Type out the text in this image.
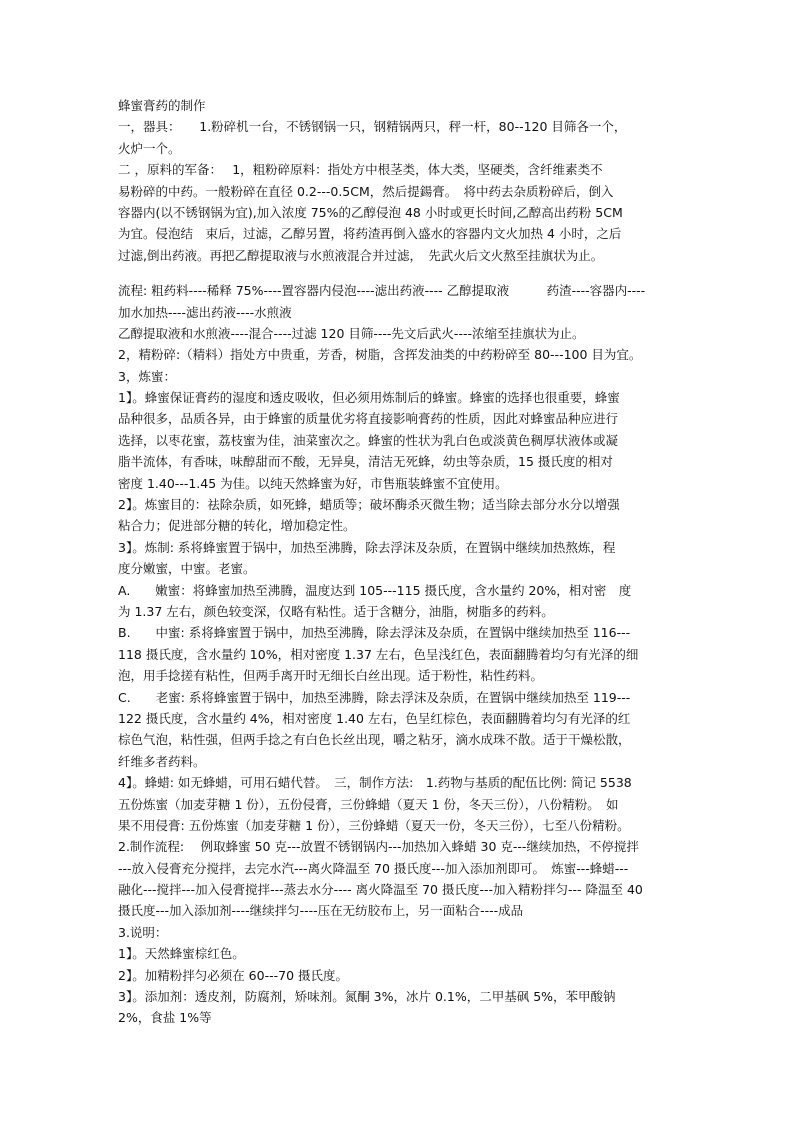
蜂蜜膏药的制作
一，器具：　　1.粉碎机一台，不锈钢锅一只，钢精锅两只，秤一杆，80--120 目筛各一个，
火炉一个。
二 ，原料的军备：　 1，粗粉碎原料：指处方中根茎类，体大类，坚硬类，含纤维素类不
易粉碎的中药。一般粉碎在直径 0.2---0.5CM，然后提鍚膏。　将中药去杂质粉碎后，倒入
容器内(以不锈钢锅为宜),加入浓度 75%的乙醇侵泡 48 小时或更长时间,乙醇高出药粉 5CM
为宜。侵泡结　束后，过滤，乙醇另置，将药渣再倒入盛水的容器内文火加热 4 小时，之后
过滤,倒出药液。再把乙醇提取液与水煎液混合并过滤，　先武火后文火熬至挂旗状为止。
流程: 粗药料----稀释 75%----置容器内侵泡----滤出药液---- 乙醇提取液　　　药渣----容器内----
加水加热----滤出药液----水煎液
乙醇提取液和水煎液----混合----过滤 120 目筛----先文后武火----浓缩至挂旗状为止。
2，精粉碎:（精料）指处方中贵重，芳香，树脂，含挥发油类的中药粉碎至 80---100 目为宜。
3，炼蜜：
1】。蜂蜜保证膏药的湿度和透皮吸收，但必须用炼制后的蜂蜜。蜂蜜的选择也很重要，蜂蜜
品种很多，品质各异，由于蜂蜜的质量优劣将直接影响膏药的性质，因此对蜂蜜品种应进行
选择，以枣花蜜，荔枝蜜为佳，油菜蜜次之。蜂蜜的性状为乳白色或淡黄色稠厚状液体或凝
脂半流体，有香味，味醇甜而不酸，无异臭，清洁无死蜂，幼虫等杂质，15 摄氏度的相对
密度 1.40---1.45 为佳。以纯天然蜂蜜为好，市售瓶装蜂蜜不宜使用。
2】。炼蜜目的：祛除杂质，如死蜂，蜡质等；破坏酶杀灭微生物；适当除去部分水分以增强
粘合力；促进部分糖的转化，增加稳定性。
3】。炼制: 系将蜂蜜置于锅中，加热至沸腾，除去浮沫及杂质，在置锅中继续加热熬炼，程
度分嫩蜜，中蜜。老蜜。
A.　　嫩蜜：将蜂蜜加热至沸腾，温度达到 105---115 摄氏度，含水量约 20%，相对密　度
为 1.37 左右，颜色较变深，仅略有粘性。适于含糖分，油脂，树脂多的药料。
B.　　中蜜: 系将蜂蜜置于锅中，加热至沸腾，除去浮沫及杂质，在置锅中继续加热至 116---
118 摄氏度，含水量约 10%，相对密度 1.37 左右，色呈浅红色，表面翻腾着均匀有光泽的细
泡，用手捻搓有粘性，但两手离开时无细长白丝出现。适于粉性，粘性药料。
C.　　老蜜: 系将蜂蜜置于锅中，加热至沸腾，除去浮沫及杂质，在置锅中继续加热至 119---
122 摄氏度，含水量约 4%，相对密度 1.40 左右，色呈红棕色，表面翻腾着均匀有光泽的红
棕色气泡，粘性强，但两手捻之有白色长丝出现，嚼之粘牙，滴水成珠不散。适于干燥松散，
纤维多者药料。
4】。蜂蜡: 如无蜂蜡，可用石蜡代替。　三，制作方法:　1.药物与基质的配伍比例: 简记 5538
五份炼蜜（加麦芽糖 1 份），五份侵膏，三份蜂蜡（夏天 1 份，冬天三份），八份精粉。　如
果不用侵膏: 五份炼蜜（加麦芽糖 1 份），三份蜂蜡（夏天一份，冬天三份），七至八份精粉。
2.制作流程:　 例取蜂蜜 50 克---放置不锈钢锅内---加热加入蜂蜡 30 克---继续加热，不停搅拌
---放入侵膏充分搅拌，去完水汽---离火降温至 70 摄氏度---加入添加剂即可。　炼蜜---蜂蜡---
融化---搅拌---加入侵膏搅拌---蒸去水分---- 离火降温至 70 摄氏度---加入精粉拌匀--- 降温至 40
摄氏度---加入添加剂----继续拌匀----压在无纺胶布上，另一面粘合----成品
3.说明：
1】。天然蜂蜜棕红色。
2】。加精粉拌匀必须在 60---70 摄氏度。
3】。添加剂：透皮剂，防腐剂，矫味剂。氮酮 3%，冰片 0.1%，二甲基砜 5%，苯甲酸钠
2%，食盐 1%等
